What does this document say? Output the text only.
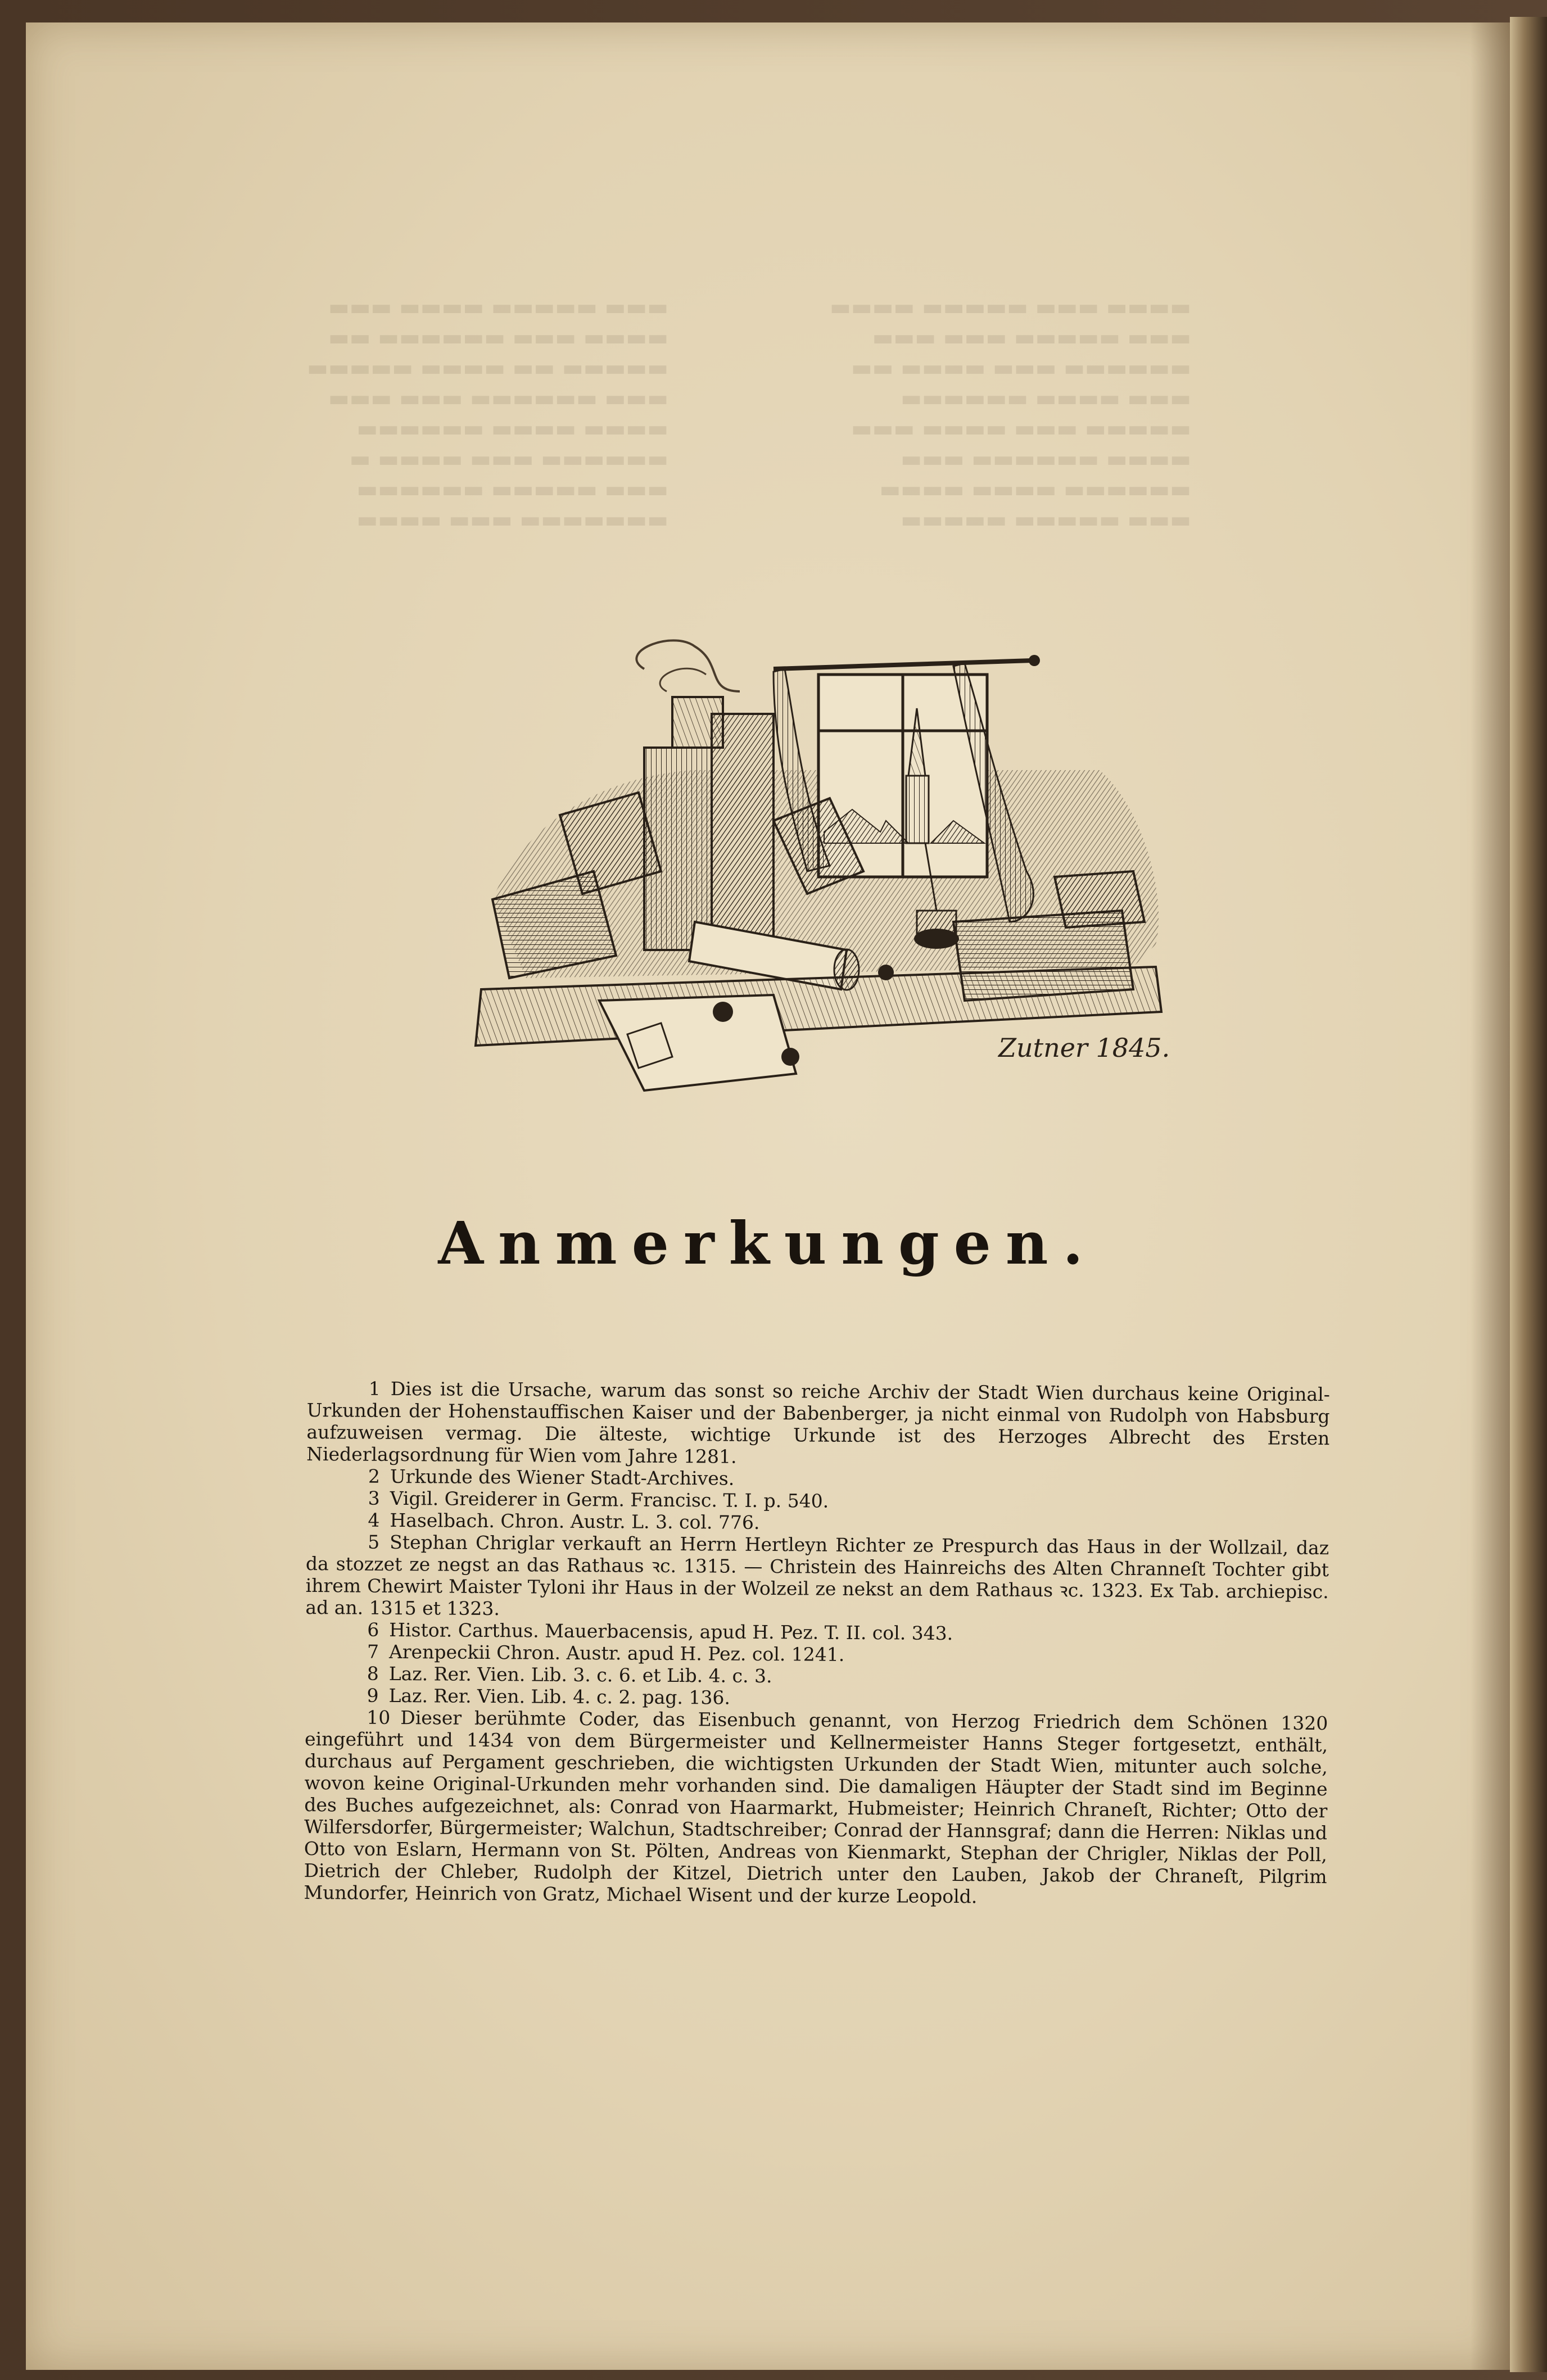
▬▬▬ ▬▬▬▬▬ ▬▬▬▬ ▬▬▬
▬▬▬▬ ▬▬▬ ▬▬▬▬▬▬ ▬▬
▬▬▬▬▬ ▬▬ ▬▬▬▬ ▬▬▬▬▬
▬▬▬ ▬▬▬▬▬▬ ▬▬▬ ▬▬▬
▬▬▬▬ ▬▬▬▬ ▬▬▬▬▬▬
▬▬▬▬▬▬ ▬▬▬ ▬▬▬▬ ▬
▬▬▬ ▬▬▬▬▬ ▬▬▬▬▬▬
▬▬▬▬▬▬▬ ▬▬▬ ▬▬▬▬
▬▬▬▬ ▬▬▬ ▬▬▬▬▬ ▬▬▬▬
▬▬▬ ▬▬▬▬▬ ▬▬▬ ▬▬▬
▬▬▬▬▬▬ ▬▬▬ ▬▬▬▬ ▬▬
▬▬▬ ▬▬▬▬ ▬▬▬▬▬▬
▬▬▬▬▬ ▬▬▬ ▬▬▬▬ ▬▬▬
▬▬▬▬ ▬▬▬▬▬▬ ▬▬▬
▬▬▬▬▬▬ ▬▬▬▬ ▬▬▬▬
▬▬▬ ▬▬▬▬▬ ▬▬▬▬▬
Zutner 1845.
Anmerkungen.

1 Dies ist die Ursache, warum das sonst so reiche Archiv der Stadt Wien durchaus keine Original-Urkunden der Hohenstauffischen Kaiser und der Babenberger, ja nicht einmal von Rudolph von Habsburg aufzuweisen vermag. Die älteste, wichtige Urkunde ist des Herzoges Albrecht des Ersten Niederlagsordnung für Wien vom Jahre 1281.

2 Urkunde des Wiener Stadt-Archives.

3 Vigil. Greiderer in Germ. Francisc. T. I. p. 540.

4 Haselbach. Chron. Austr. L. 3. col. 776.

5 Stephan Chriglar verkauft an Herrn Hertleyn Richter ze Prespurch das Haus in der Wollzail, daz da stozzet ze negst an das Rathaus ꝛc. 1315. — Christein des Hainreichs des Alten Chranneſt Tochter gibt ihrem Chewirt Maister Tyloni ihr Haus in der Wolzeil ze nekst an dem Rathaus ꝛc. 1323. Ex Tab. archiepisc. ad an. 1315 et 1323.

6 Histor. Carthus. Mauerbacensis, apud H. Pez. T. II. col. 343.

7 Arenpeckii Chron. Austr. apud H. Pez. col. 1241.

8 Laz. Rer. Vien. Lib. 3. c. 6. et Lib. 4. c. 3.

9 Laz. Rer. Vien. Lib. 4. c. 2. pag. 136.

10 Dieser berühmte Coder, das Eisenbuch genannt, von Herzog Friedrich dem Schönen 1320 eingeführt und 1434 von dem Bürgermeister und Kellnermeister Hanns Steger fortgesetzt, enthält, durchaus auf Pergament geschrieben, die wichtigsten Urkunden der Stadt Wien, mitunter auch solche, wovon keine Original-Urkunden mehr vorhanden sind. Die damaligen Häupter der Stadt sind im Beginne des Buches aufgezeichnet, als: Conrad von Haarmarkt, Hubmeister; Heinrich Chraneſt, Richter; Otto der Wilfersdorfer, Bürgermeister; Walchun, Stadtschreiber; Conrad der Hannsgraf; dann die Herren: Niklas und Otto von Eslarn, Hermann von St. Pölten, Andreas von Kienmarkt, Stephan der Chrigler, Niklas der Poll, Dietrich der Chleber, Rudolph der Kitzel, Dietrich unter den Lauben, Jakob der Chraneſt, Pilgrim Mundorfer, Heinrich von Gratz, Michael Wisent und der kurze Leopold.
